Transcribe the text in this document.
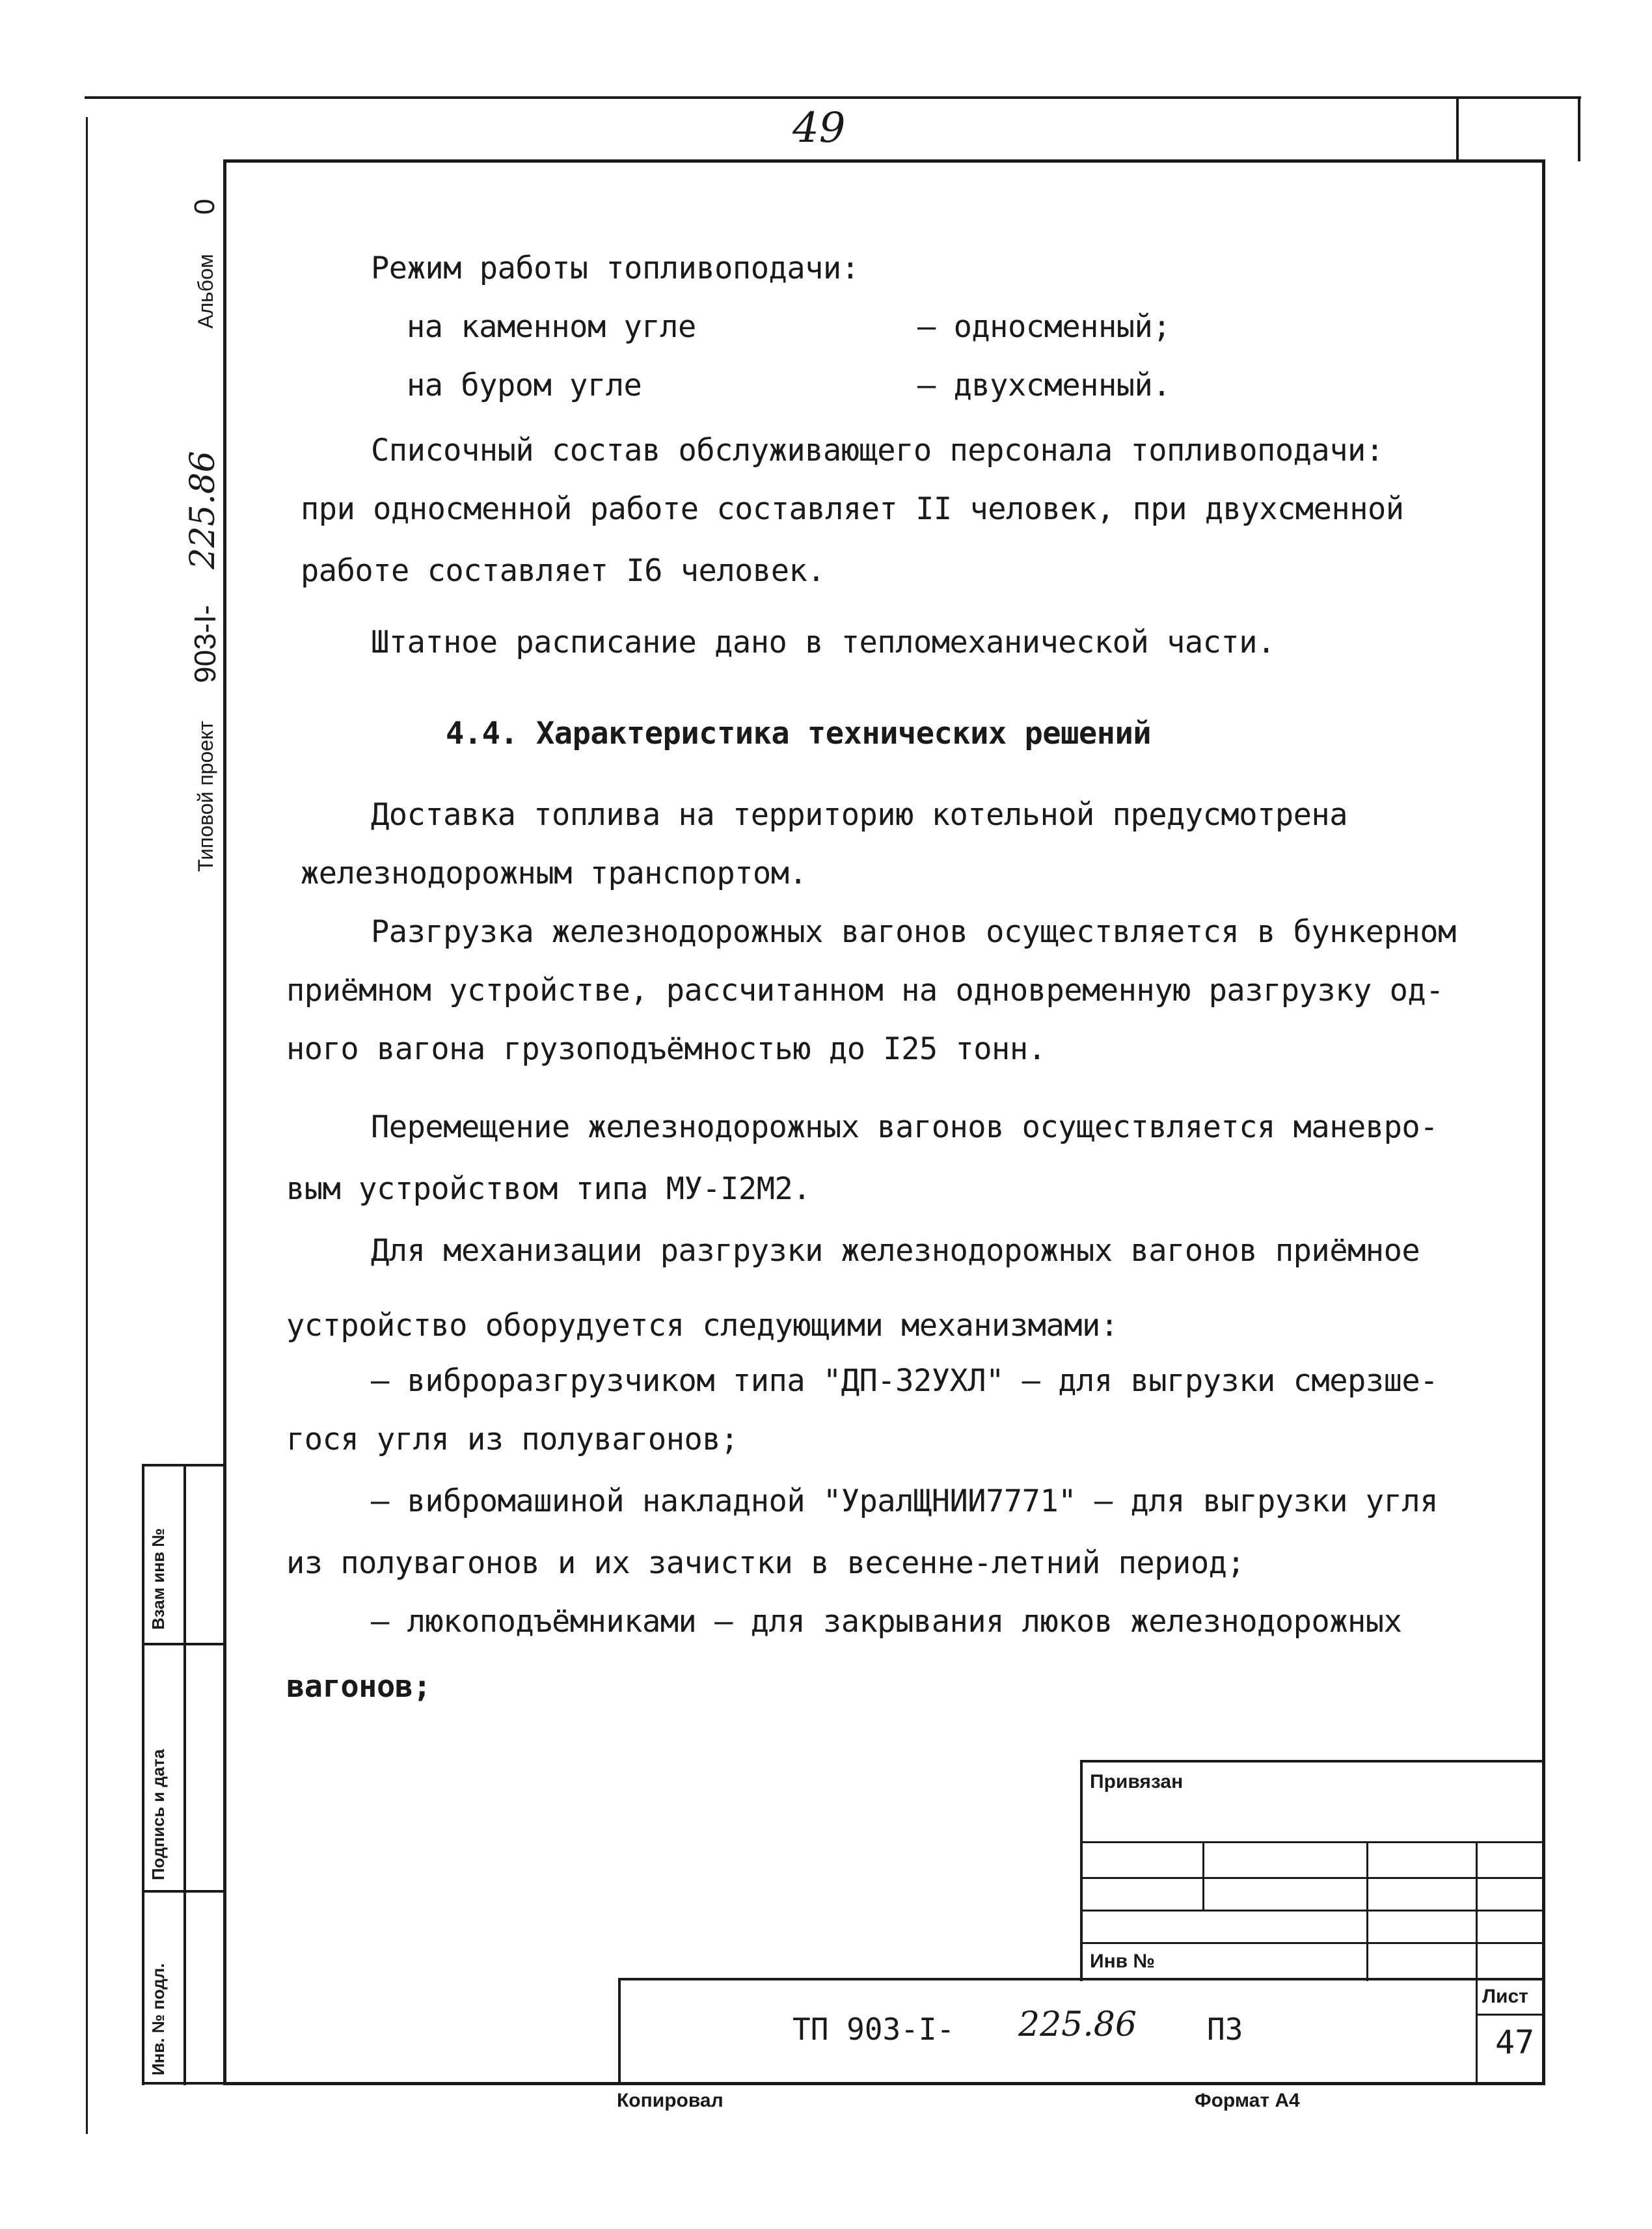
49
Альбом
0
Типовой проект
903-I-
225.86
Взам инв №
Подпись и дата
Инв. № подл.
Режим работы топливоподачи:
на каменном угле	– односменный;
на буром угле	– двухсменный.
Списочный состав обслуживающего персонала топливоподачи:
при односменной работе составляет II человек, при двухсменной
работе составляет I6 человек.
Штатное расписание дано в тепломеханической части.
4.4. Характеристика технических решений
Доставка топлива на территорию котельной предусмотрена
железнодорожным транспортом.
Разгрузка железнодорожных вагонов осуществляется в бункерном
приёмном устройстве, рассчитанном на одновременную разгрузку од-
ного вагона грузоподъёмностью до I25 тонн.
Перемещение железнодорожных вагонов осуществляется маневро-
вым устройством типа МУ-I2М2.
Для механизации разгрузки железнодорожных вагонов приёмное
устройство оборудуется следующими механизмами:
– виброразгрузчиком типа "ДП-32УХЛ" – для выгрузки смерзше-
гося угля из полувагонов;
– вибромашиной накладной "УралЩНИИ7771" – для выгрузки угля
из полувагонов и их зачистки в весенне-летний период;
– люкоподъёмниками – для закрывания люков железнодорожных
вагонов;
Привязан
Инв №
ТП 903-I- 225.86 ПЗ
Лист
47
Копировал	Формат А4
